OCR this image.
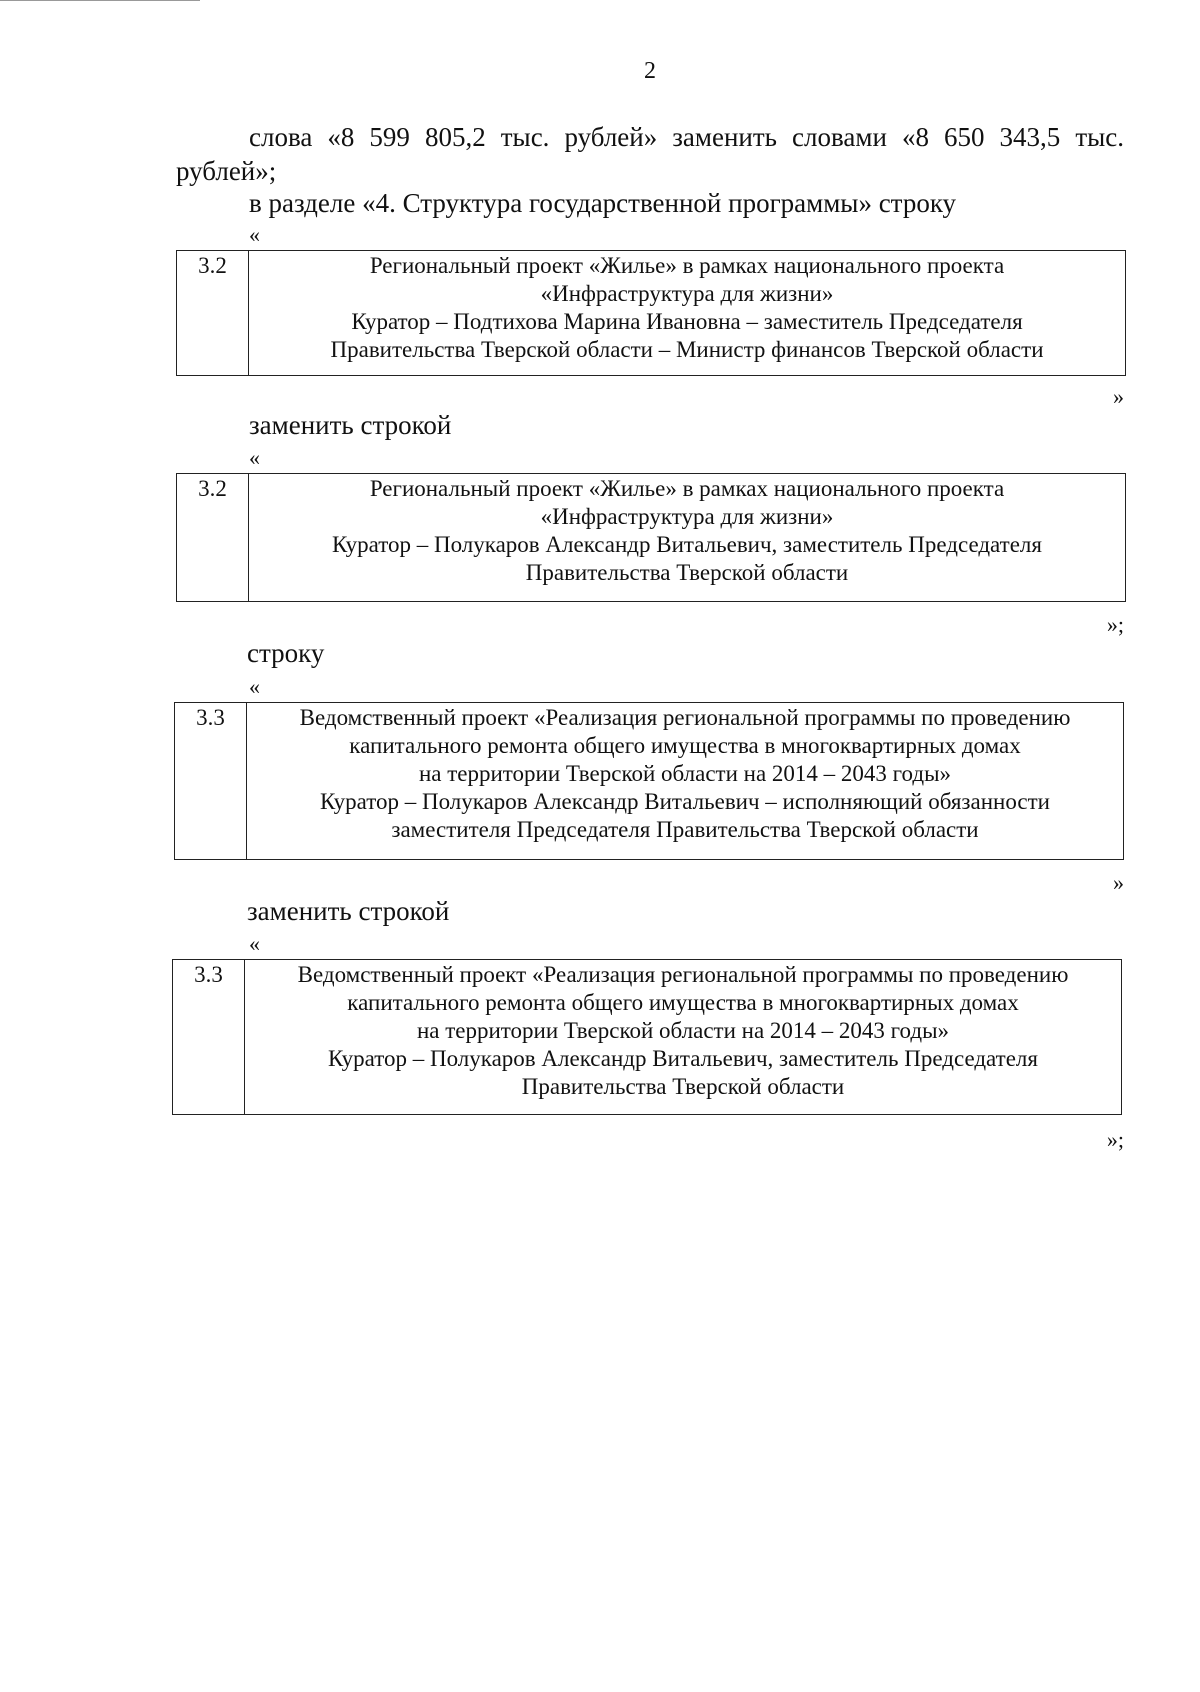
2
слова «8 599 805,2 тыс. рублей» заменить словами «8 650 343,5 тыс.
рублей»;
в разделе «4. Структура государственной программы» строку
«
3.2	Региональный проект «Жилье» в рамках национального проекта
«Инфраструктура для жизни»
Куратор – Подтихова Марина Ивановна – заместитель Председателя
Правительства Тверской области – Министр финансов Тверской области
»
заменить строкой
«
3.2	Региональный проект «Жилье» в рамках национального проекта
«Инфраструктура для жизни»
Куратор – Полукаров Александр Витальевич, заместитель Председателя
Правительства Тверской области
»;
строку
«
3.3	Ведомственный проект «Реализация региональной программы по проведению
капитального ремонта общего имущества в многоквартирных домах
на территории Тверской области на 2014 – 2043 годы»
Куратор – Полукаров Александр Витальевич – исполняющий обязанности
заместителя Председателя Правительства Тверской области
»
заменить строкой
«
3.3	Ведомственный проект «Реализация региональной программы по проведению
капитального ремонта общего имущества в многоквартирных домах
на территории Тверской области на 2014 – 2043 годы»
Куратор – Полукаров Александр Витальевич, заместитель Председателя
Правительства Тверской области
»;
